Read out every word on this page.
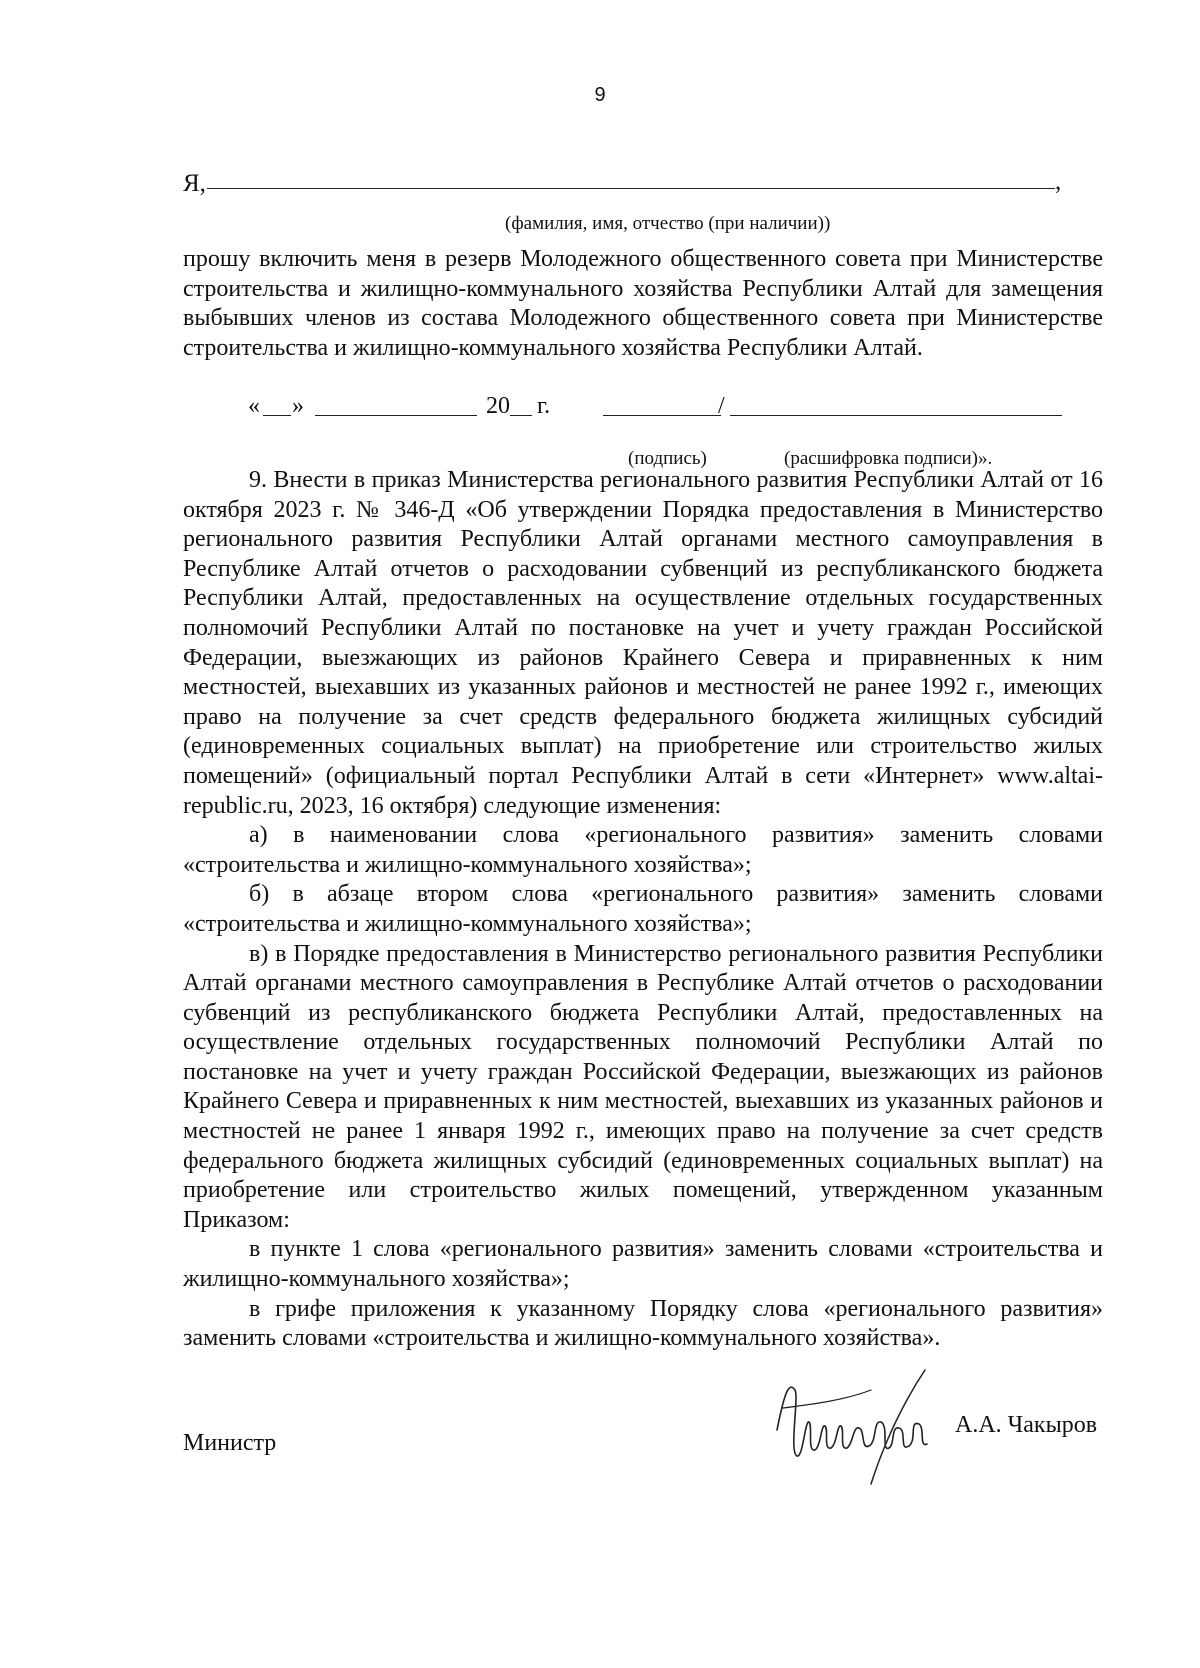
9
Я,	,
(фамилия, имя, отчество (при наличии))

прошу включить меня в резерв Молодежного общественного совета при Министерстве строительства и жилищно-коммунального хозяйства Республики Алтай для замещения выбывших членов из состава Молодежного общественного совета при Министерстве строительства и жилищно-коммунального хозяйства Республики Алтай.

« »	20 г.	/
(подпись)	(расшифровка подписи)».

9. Внести в приказ Министерства регионального развития Республики Алтай от 16 октября 2023 г. № 346-Д «Об утверждении Порядка предоставления в Министерство регионального развития Республики Алтай органами местного самоуправления в Республике Алтай отчетов о расходовании субвенций из республиканского бюджета Республики Алтай, предоставленных на осуществление отдельных государственных полномочий Республики Алтай по постановке на учет и учету граждан Российской Федерации, выезжающих из районов Крайнего Севера и приравненных к ним местностей, выехавших из указанных районов и местностей не ранее 1992 г., имеющих право на получение за счет средств федерального бюджета жилищных субсидий (единовременных социальных выплат) на приобретение или строительство жилых помещений» (официальный портал Республики Алтай в сети «Интернет» www.altai-republic.ru, 2023, 16 октября) следующие изменения:

а) в наименовании слова «регионального развития» заменить словами «строительства и жилищно-коммунального хозяйства»;

б) в абзаце втором слова «регионального развития» заменить словами «строительства и жилищно-коммунального хозяйства»;

в) в Порядке предоставления в Министерство регионального развития Республики Алтай органами местного самоуправления в Республике Алтай отчетов о расходовании субвенций из республиканского бюджета Республики Алтай, предоставленных на осуществление отдельных государственных полномочий Республики Алтай по постановке на учет и учету граждан Российской Федерации, выезжающих из районов Крайнего Севера и приравненных к ним местностей, выехавших из указанных районов и местностей не ранее 1 января 1992 г., имеющих право на получение за счет средств федерального бюджета жилищных субсидий (единовременных социальных выплат) на приобретение или строительство жилых помещений, утвержденном указанным Приказом:

в пункте 1 слова «регионального развития» заменить словами «строительства и жилищно-коммунального хозяйства»;

в грифе приложения к указанному Порядку слова «регионального развития» заменить словами «строительства и жилищно-коммунального хозяйства».

Министр
А.А. Чакыров
